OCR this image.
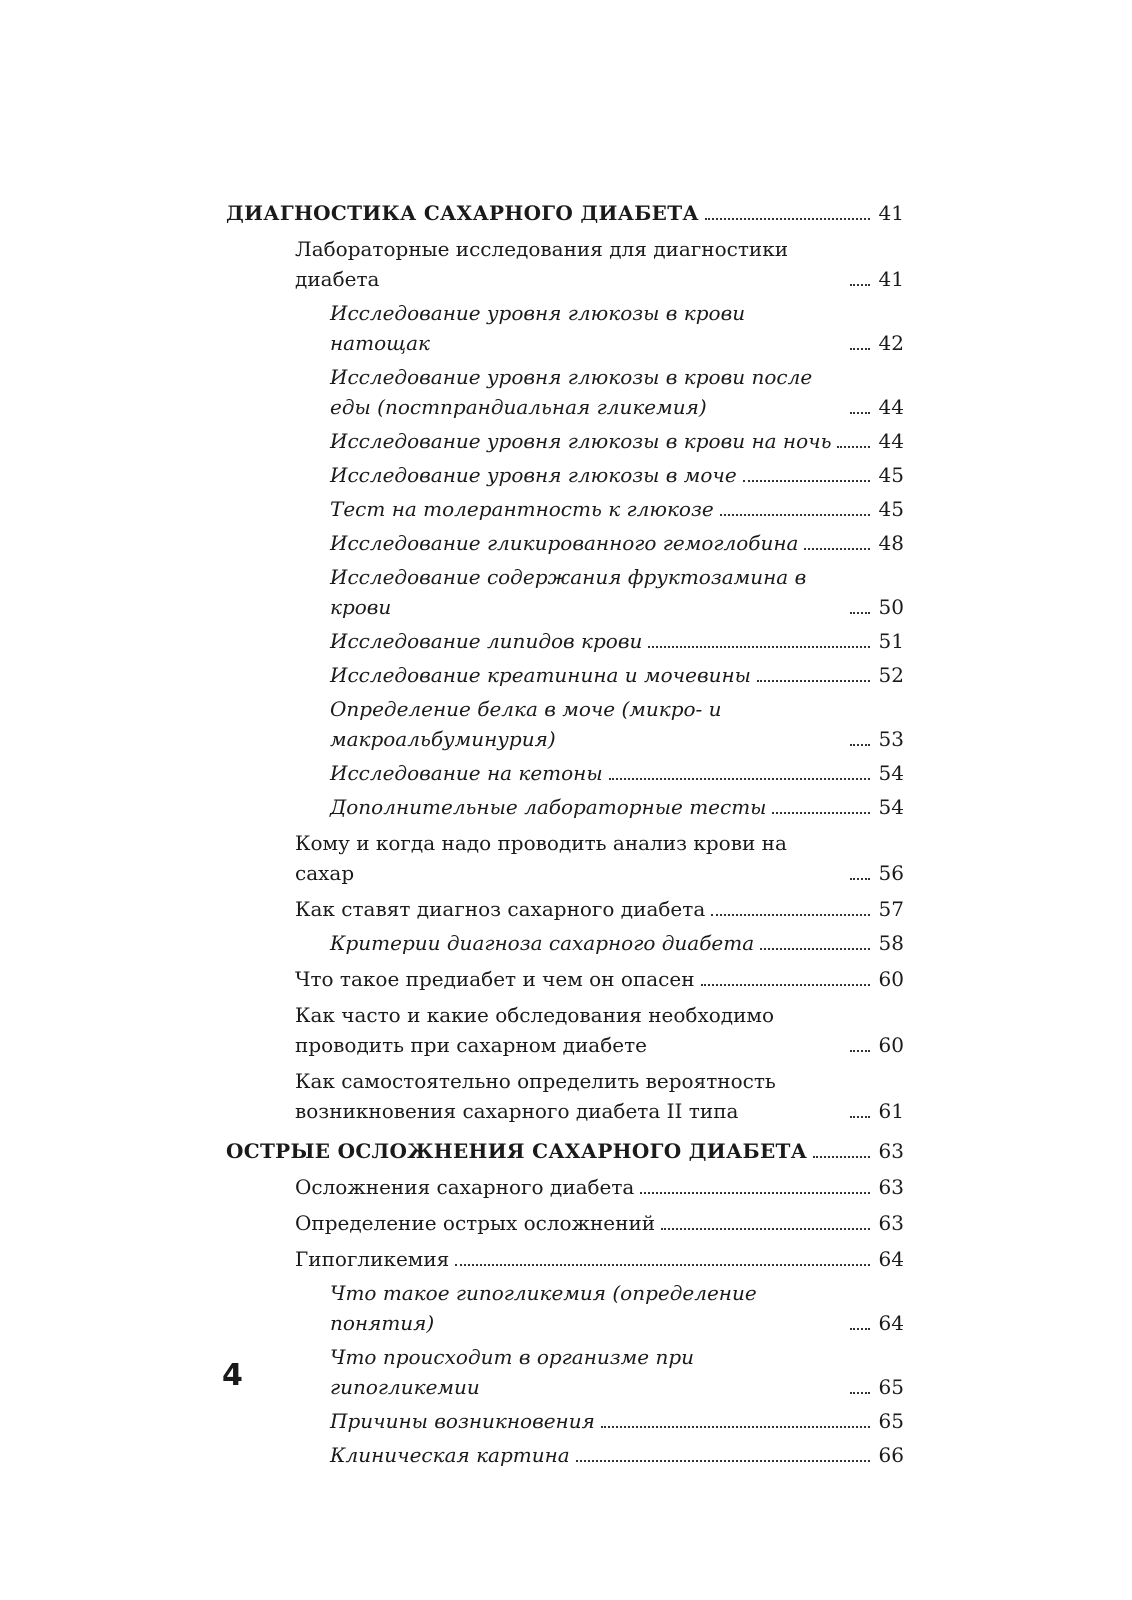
ДИАГНОСТИКА САХАРНОГО ДИАБЕТА	41
Лабораторные исследования для диагностики диабета	41
Исследование уровня глюкозы в крови натощак	42
Исследование уровня глюкозы в крови после еды (постпрандиальная гликемия)	44
Исследование уровня глюкозы в крови на ночь 44
Исследование уровня глюкозы в моче	45
Тест на толерантность к глюкозе	45
Исследование гликированного гемоглобина	48
Исследование содержания фруктозамина в крови	50
Исследование липидов крови	51
Исследование креатинина и мочевины	52
Определение белка в моче (микро- и макроальбуминурия)	53
Исследование на кетоны	54
Дополнительные лабораторные тесты	54
Кому и когда надо проводить анализ крови на сахар	56
Как ставят диагноз сахарного диабета	57
Критерии диагноза сахарного диабета	58
Что такое предиабет и чем он опасен	60
Как часто и какие обследования необходимо проводить при сахарном диабете	60
Как самостоятельно определить вероятность возникновения сахарного диабета II типа	61
ОСТРЫЕ ОСЛОЖНЕНИЯ САХАРНОГО ДИАБЕТА	63
Осложнения сахарного диабета	63
Определение острых осложнений	63
Гипогликемия	64
Что такое гипогликемия (определение понятия)	64
Что происходит в организме при гипогликемии	65
Причины возникновения	65
Клиническая картина	66
4
